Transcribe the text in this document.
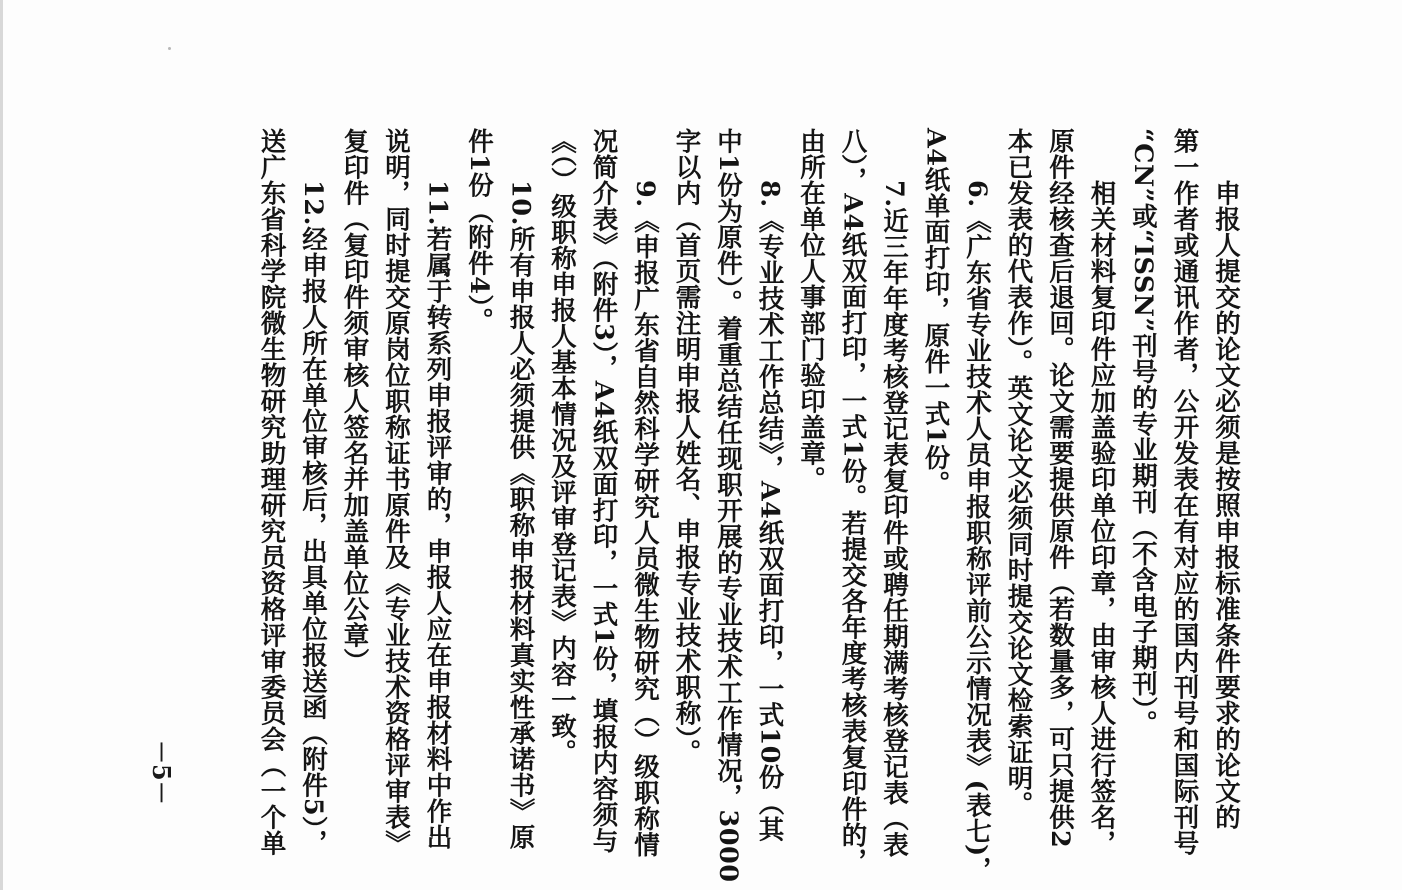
　　申报人提交的论文必须是按照申报标准条件要求的论文的
第一作者或通讯作者，公开发表在有对应的国内刊号和国际刊号
“CN”或“ISSN”刊号的专业期刊（不含电子期刊）。
　　相关材料复印件应加盖验印单位印章，由审核人进行签名，
原件经核查后退回。论文需要提供原件（若数量多，可只提供2
本已发表的代表作）。英文论文必须同时提交论文检索证明。
　　6.《广东省专业技术人员申报职称评前公示情况表》(表七)，
A4纸单面打印，原件一式1份。
　　7.近三年年度考核登记表复印件或聘任期满考核登记表（表
八），A4纸双面打印，一式1份。若提交各年度考核表复印件的，
由所在单位人事部门验印盖章。
　　8.《专业技术工作总结》，A4纸双面打印，一式10份（其
中1份为原件）。着重总结任现职开展的专业技术工作情况，3000
字以内（首页需注明申报人姓名、申报专业技术职称）。
　　9.《申报广东省自然科学研究人员微生物研究（）级职称情
况简介表》（附件3），A4纸双面打印，一式1份，填报内容须与
《（）级职称申报人基本情况及评审登记表》内容一致。
　　10.所有申报人必须提供《职称申报材料真实性承诺书》原
件1份（附件4）。
　　11.若属于转系列申报评审的，申报人应在申报材料中作出
说明，同时提交原岗位职称证书原件及《专业技术资格评审表》
复印件（复印件须审核人签名并加盖单位公章）
　　12.经申报人所在单位审核后，出具单位报送函（附件5），
送广东省科学院微生物研究助理研究员资格评审委员会（一个单
－5－
